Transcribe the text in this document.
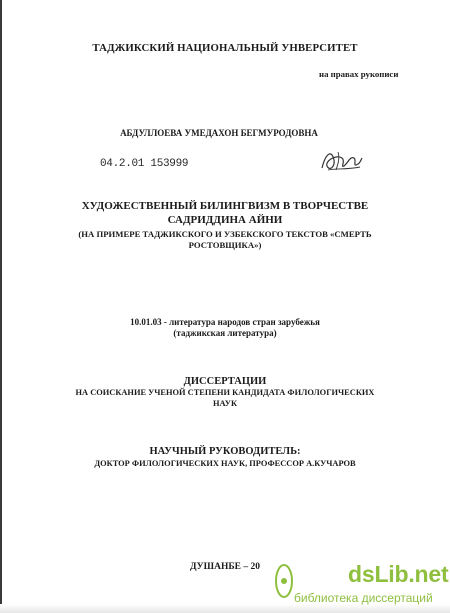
ТАДЖИКСКИЙ НАЦИОНАЛЬНЫЙ УНВЕРСИТЕТ
на правах рукописи
АБДУЛЛОЕВА УМЕДАХОН БЕГМУРОДОВНА
04.2.01 153999
ХУДОЖЕСТВЕННЫЙ БИЛИНГВИЗМ В ТВОРЧЕСТВЕ
САДРИДДИНА АЙНИ
(НА ПРИМЕРЕ ТАДЖИКСКОГО И УЗБЕКСКОГО ТЕКСТОВ «СМЕРТЬ
РОСТОВЩИКА»)
10.01.03 - литература народов стран зарубежья
(таджикская литература)
ДИССЕРТАЦИИ
НА СОИСКАНИЕ УЧЕНОЙ СТЕПЕНИ КАНДИДАТА ФИЛОЛОГИЧЕСКИХ
НАУК
НАУЧНЫЙ РУКОВОДИТЕЛЬ:
ДОКТОР ФИЛОЛОГИЧЕСКИХ НАУК, ПРОФЕССОР А.КУЧАРОВ
ДУШАНБЕ – 20	dsLib.net
библиотека диссертаций
